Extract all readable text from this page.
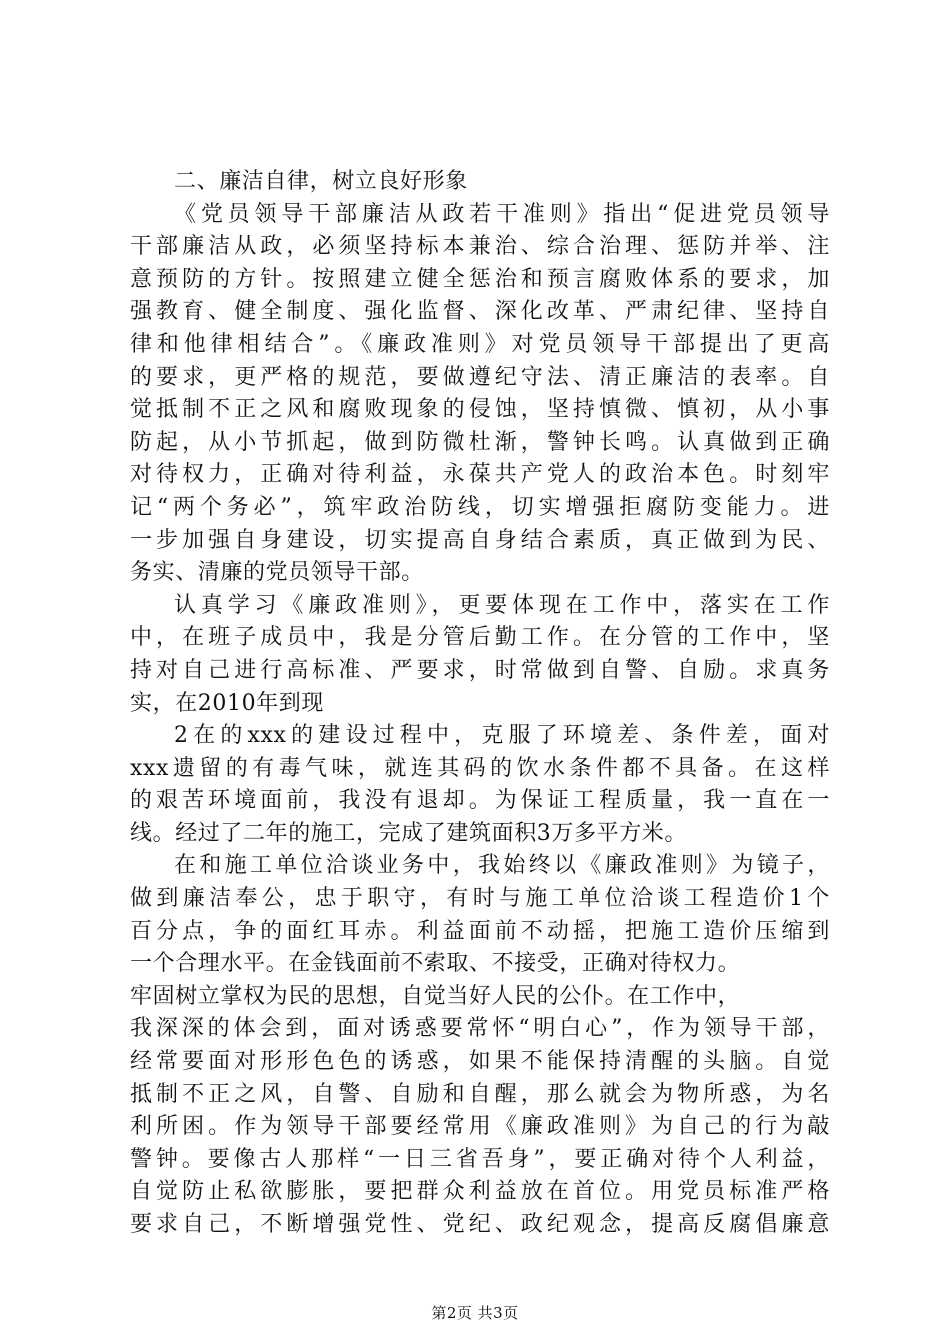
二、廉洁自律，树立良好形象
《党员领导干部廉洁从政若干准则》指出“促进党员领导
干部廉洁从政，必须坚持标本兼治、综合治理、惩防并举、注
意预防的方针。按照建立健全惩治和预言腐败体系的要求，加
强教育、健全制度、强化监督、深化改革、严肃纪律、坚持自
律和他律相结合”。《廉政准则》对党员领导干部提出了更高
的要求，更严格的规范，要做遵纪守法、清正廉洁的表率。自
觉抵制不正之风和腐败现象的侵蚀，坚持慎微、慎初，从小事
防起，从小节抓起，做到防微杜渐，警钟长鸣。认真做到正确
对待权力，正确对待利益，永葆共产党人的政治本色。时刻牢
记“两个务必”，筑牢政治防线，切实增强拒腐防变能力。进
一步加强自身建设，切实提高自身结合素质，真正做到为民、
务实、清廉的党员领导干部。
认真学习《廉政准则》，更要体现在工作中，落实在工作
中，在班子成员中，我是分管后勤工作。在分管的工作中，坚
持对自己进行高标准、严要求，时常做到自警、自励。求真务
实，在2010年到现
2在的xxx的建设过程中，克服了环境差、条件差，面对
xxx遗留的有毒气味，就连其码的饮水条件都不具备。在这样
的艰苦环境面前，我没有退却。为保证工程质量，我一直在一
线。经过了二年的施工，完成了建筑面积3万多平方米。
在和施工单位洽谈业务中，我始终以《廉政准则》为镜子，
做到廉洁奉公，忠于职守，有时与施工单位洽谈工程造价1个
百分点，争的面红耳赤。利益面前不动摇，把施工造价压缩到
一个合理水平。在金钱面前不索取、不接受，正确对待权力。
牢固树立掌权为民的思想，自觉当好人民的公仆。在工作中，
我深深的体会到，面对诱惑要常怀“明白心”，作为领导干部，
经常要面对形形色色的诱惑，如果不能保持清醒的头脑。自觉
抵制不正之风，自警、自励和自醒，那么就会为物所惑，为名
利所困。作为领导干部要经常用《廉政准则》为自己的行为敲
警钟。要像古人那样“一日三省吾身”，要正确对待个人利益，
自觉防止私欲膨胀，要把群众利益放在首位。用党员标准严格
要求自己，不断增强党性、党纪、政纪观念，提高反腐倡廉意
第2页 共3页
